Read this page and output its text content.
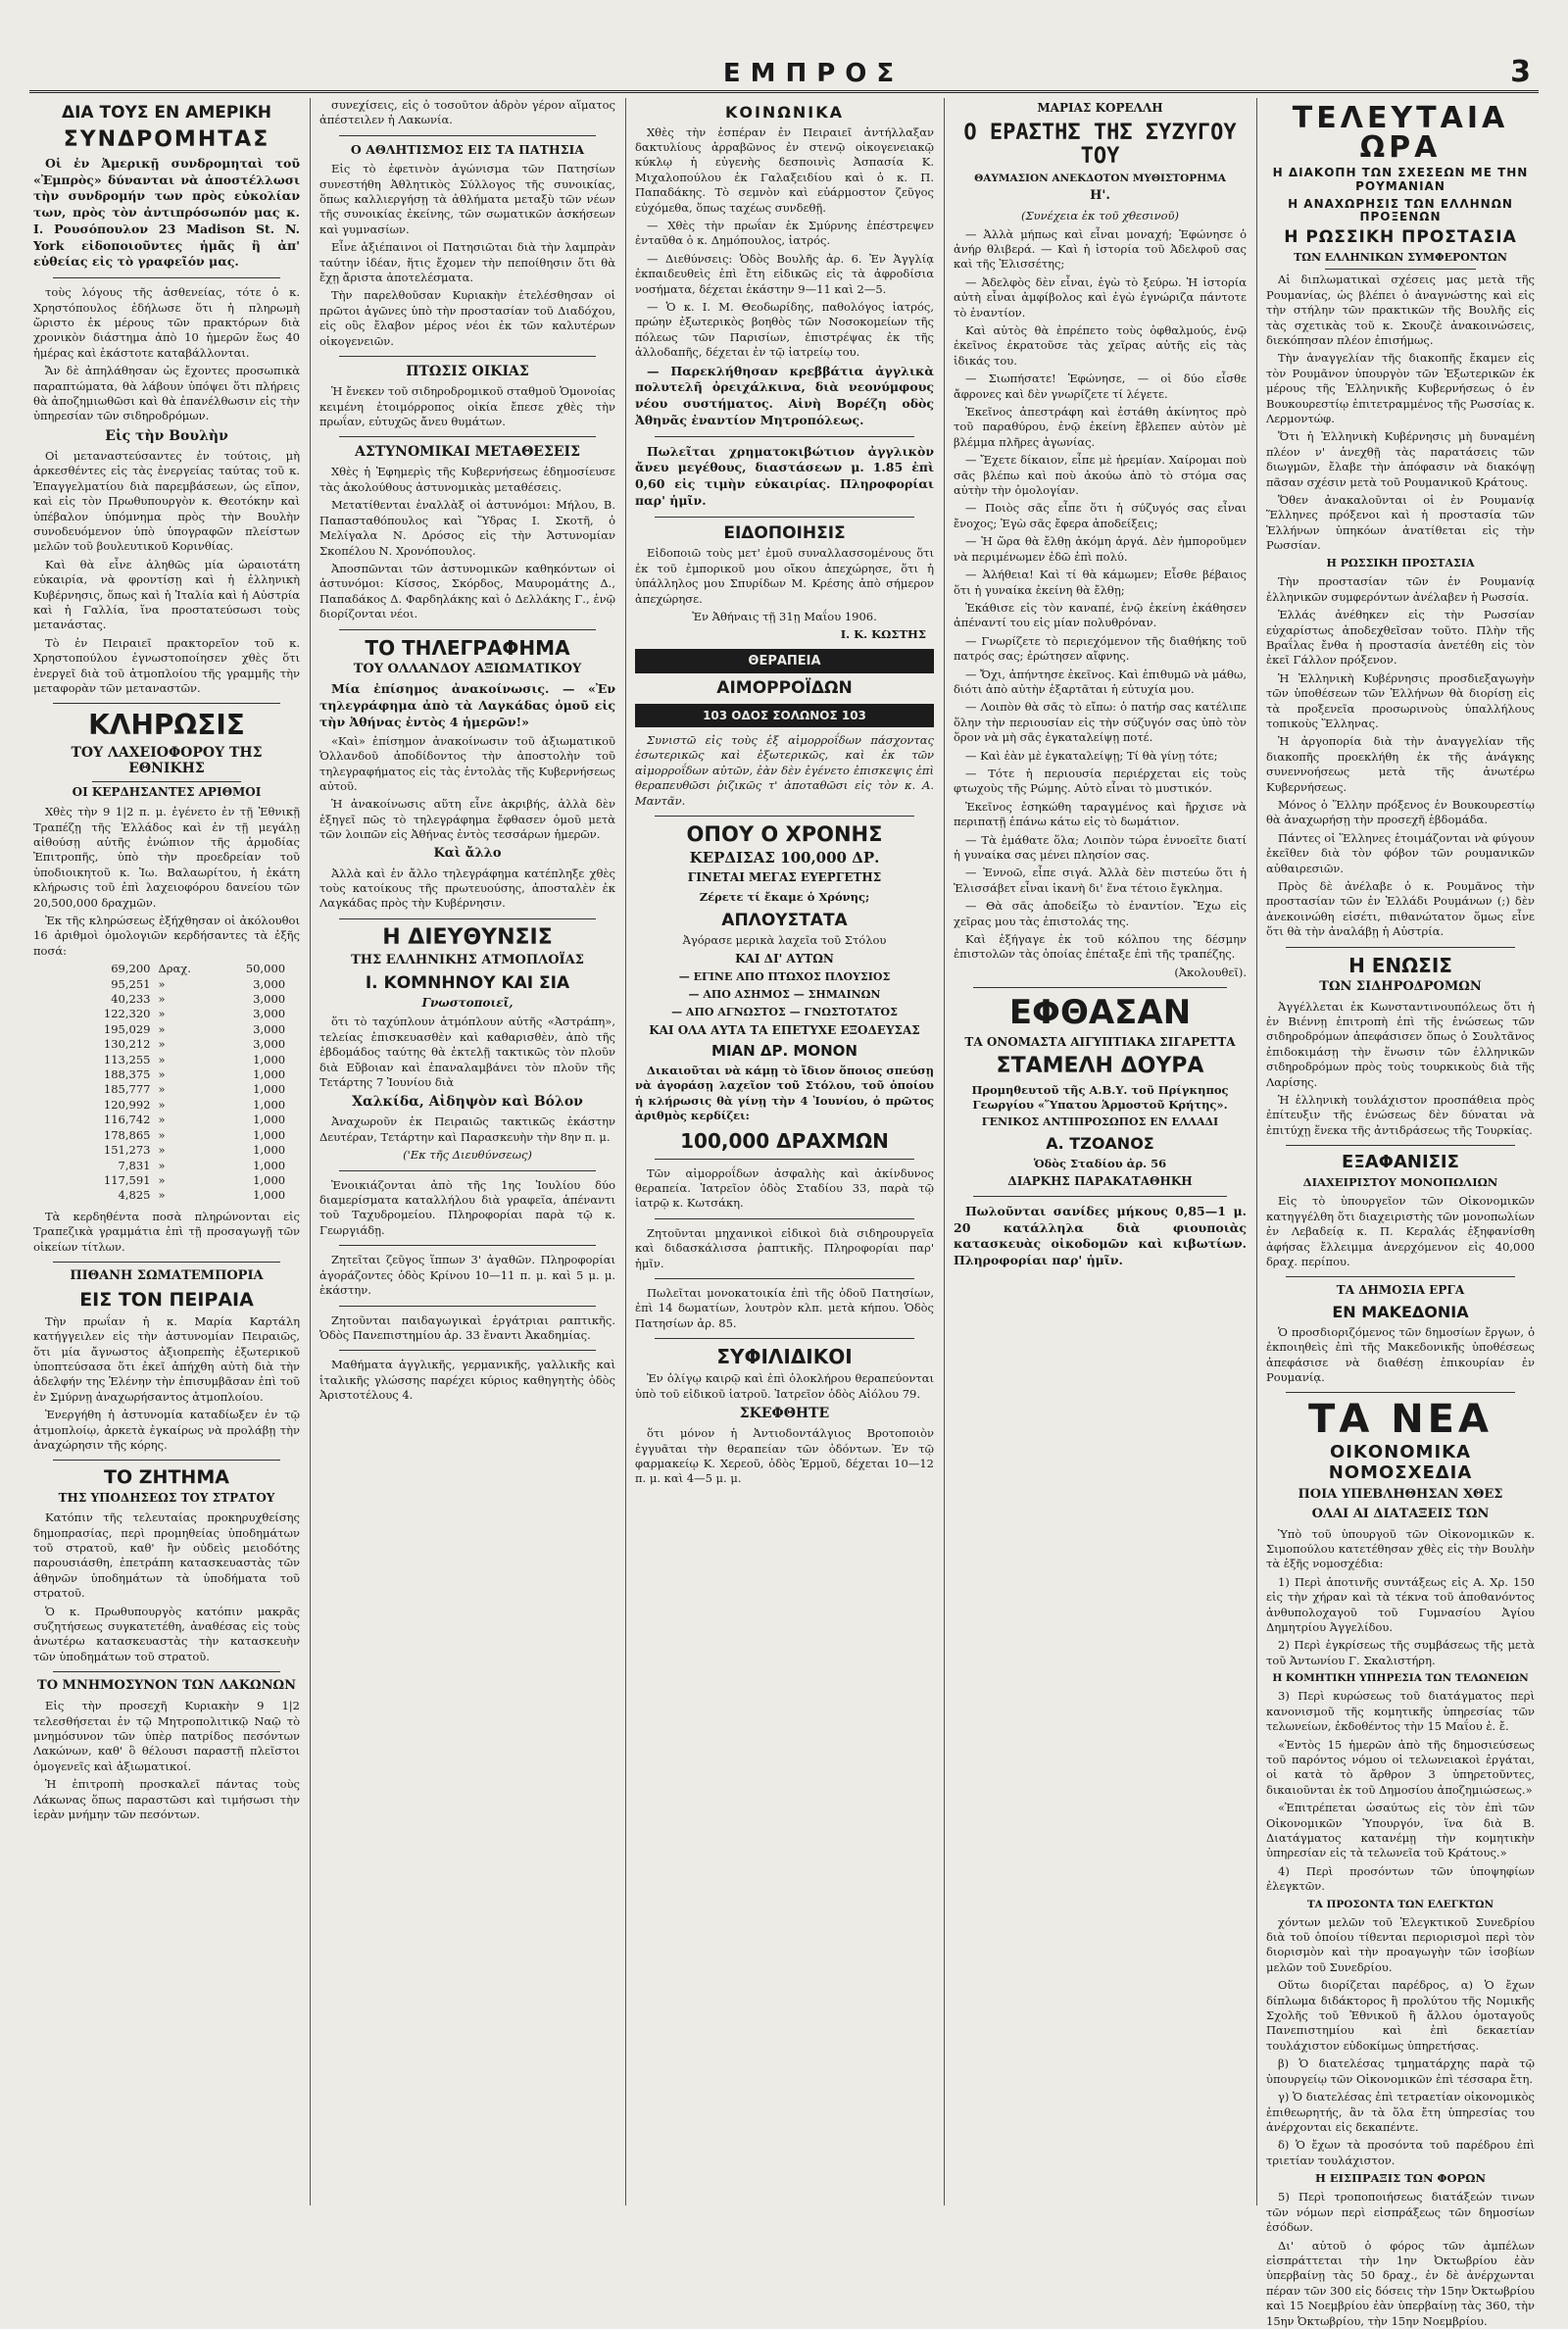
ΕΜΠΡΟΣ	3
ΔΙΑ ΤΟΥΣ ΕΝ ΑΜΕΡΙΚΗ
ΣΥΝΔΡΟΜΗΤΑΣ

Οἱ ἐν Ἀμερικῇ συνδρομηταὶ τοῦ «Ἐμπρὸς» δύνανται νὰ ἀποστέλλωσι τὴν συνδρομήν των πρὸς εὐκολίαν των, πρὸς τὸν ἀντιπρόσωπόν μας κ. Ι. Ρουσόπουλον 23 Madison St. N. York εἰδοποιοῦντες ἡμᾶς ἢ ἀπ' εὐθείας εἰς τὸ γραφεῖόν μας.

τοὺς λόγους τῆς ἀσθενείας, τότε ὁ κ. Χρηστόπουλος ἐδήλωσε ὅτι ἡ πληρωμὴ ὥριστο ἐκ μέρους τῶν πρακτόρων διὰ χρονικὸν διάστημα ἀπὸ 10 ἡμερῶν ἕως 40 ἡμέρας καὶ ἑκάστοτε καταβάλλονται.

Ἄν δὲ ἀπηλάθησαν ὡς ἔχοντες προσωπικὰ παραπτώματα, θὰ λάβουν ὑπόψει ὅτι πλήρεις θὰ ἀποζημιωθῶσι καὶ θὰ ἐπανέλθωσιν εἰς τὴν ὑπηρεσίαν τῶν σιδηροδρόμων.

Εἰς τὴν Βουλὴν

Οἱ μεταναστεύσαντες ἐν τούτοις, μὴ ἀρκεσθέντες εἰς τὰς ἐνεργείας ταύτας τοῦ κ. Ἐπαγγελματίου διὰ παρεμβάσεων, ὡς εἴπον, καὶ εἰς τὸν Πρωθυπουργὸν κ. Θεοτόκην καὶ ὑπέβαλον ὑπόμνημα πρὸς τὴν Βουλὴν συνοδευόμενον ὑπὸ ὑπογραφῶν πλείστων μελῶν τοῦ βουλευτικοῦ Κορινθίας.

Καὶ θὰ εἶνε ἀληθῶς μία ὡραιοτάτη εὐκαιρία, νὰ φροντίσῃ καὶ ἡ ἐλληνικὴ Κυβέρνησις, ὅπως καὶ ἡ Ἰταλία καὶ ἡ Αὐστρία καὶ ἡ Γαλλία, ἵνα προστατεύσωσι τοὺς μετανάστας.

Τὸ ἐν Πειραιεῖ πρακτορεῖον τοῦ κ. Χρηστοπούλου ἐγνωστοποίησεν χθὲς ὅτι ἐνεργεῖ διὰ τοῦ ἀτμοπλοίου τῆς γραμμῆς τὴν μεταφορὰν τῶν μεταναστῶν.

ΚΛΗΡΩΣΙΣ
ΤΟΥ ΛΑΧΕΙΟΦΟΡΟΥ ΤΗΣ ΕΘΝΙΚΗΣ
ΟΙ ΚΕΡΔΗΣΑΝΤΕΣ ΑΡΙΘΜΟΙ

Χθὲς τὴν 9 1|2 π. μ. ἐγένετο ἐν τῇ Ἐθνικῇ Τραπέζῃ τῆς Ἑλλάδος καὶ ἐν τῇ μεγάλῃ αἰθούσῃ αὐτῆς ἐνώπιον τῆς ἁρμοδίας Ἐπιτροπῆς, ὑπὸ τὴν προεδρείαν τοῦ ὑποδιοικητοῦ κ. Ἰω. Βαλαωρίτου, ἡ ἑκάτη κλήρωσις τοῦ ἐπὶ λαχειοφόρου δανείου τῶν 20,500,000 δραχμῶν.

Ἐκ τῆς κληρώσεως ἐξήχθησαν οἱ ἀκόλουθοι 16 ἀριθμοὶ ὁμολογιῶν κερδήσαντες τὰ ἐξῆς ποσά:

69,200	Δραχ.	50,000
95,251	»	3,000
40,233	»	3,000
122,320	»	3,000
195,029	»	3,000
130,212	»	3,000
113,255	»	1,000
188,375	»	1,000
185,777	»	1,000
120,992	»	1,000
116,742	»	1,000
178,865	»	1,000
151,273	»	1,000
7,831	»	1,000
117,591	»	1,000
4,825	»	1,000

Τὰ κερδηθέντα ποσὰ πληρώνονται εἰς Τραπεζικὰ γραμμάτια ἐπὶ τῇ προσαγωγῇ τῶν οἰκείων τίτλων.

ΠΙΘΑΝΗ ΣΩΜΑΤΕΜΠΟΡΙΑ
ΕΙΣ ΤΟΝ ΠΕΙΡΑΙΑ

Τὴν πρωΐαν ἡ κ. Μαρία Καρτάλη κατήγγειλεν εἰς τὴν ἀστυνομίαν Πειραιῶς, ὅτι μία ἄγνωστος ἀξιοπρεπὴς ἐξωτερικοῦ ὑποπτεύσασα ὅτι ἐκεῖ ἀπήχθη αὐτὴ διὰ τὴν ἀδελφήν της Ἑλένην τὴν ἐπισυμβᾶσαν ἐπὶ τοῦ ἐν Σμύρνῃ ἀναχωρήσαντος ἀτμοπλοίου.

Ἐνεργήθη ἡ ἀστυνομία καταδίωξεν ἐν τῷ ἀτμοπλοίῳ, ἀρκετὰ ἐγκαίρως νὰ προλάβῃ τὴν ἀναχώρησιν τῆς κόρης.

ΤΟ ΖΗΤΗΜΑ
ΤΗΣ ΥΠΟΔΗΣΕΩΣ ΤΟΥ ΣΤΡΑΤΟΥ

Κατόπιν τῆς τελευταίας προκηρυχθείσης δημοπρασίας, περὶ προμηθείας ὑποδημάτων τοῦ στρατοῦ, καθ' ἣν οὐδεὶς μειοδότης παρουσιάσθη, ἐπετράπη κατασκευαστὰς τῶν ἀθηνῶν ὑποδημάτων τὰ ὑποδήματα τοῦ στρατοῦ.

Ὁ κ. Πρωθυπουργὸς κατόπιν μακρᾶς συζητήσεως συγκατετέθη, ἀναθέσας εἰς τοὺς ἀνωτέρω κατασκευαστὰς τὴν κατασκευὴν τῶν ὑποδημάτων τοῦ στρατοῦ.

ΤΟ ΜΝΗΜΟΣΥΝΟΝ ΤΩΝ ΛΑΚΩΝΩΝ

Εἰς τὴν προσεχῆ Κυριακὴν 9 1|2 τελεσθήσεται ἐν τῷ Μητροπολιτικῷ Ναῷ τὸ μνημόσυνον τῶν ὑπὲρ πατρίδος πεσόντων Λακώνων, καθ' ὃ θέλουσι παραστῇ πλεῖστοι ὁμογενεῖς καὶ ἀξιωματικοί.

Ἡ ἐπιτροπὴ προσκαλεῖ πάντας τοὺς Λάκωνας ὅπως παραστῶσι καὶ τιμήσωσι τὴν ἱερὰν μνήμην τῶν πεσόντων.

συνεχίσεις, εἰς ὁ τοσοῦτον ἁδρὸν γέρον αἵματος ἀπέστειλεν ἡ Λακωνία.

Ο ΑΘΛΗΤΙΣΜΟΣ ΕΙΣ ΤΑ ΠΑΤΗΣΙΑ

Εἰς τὸ ἐφετινὸν ἀγώνισμα τῶν Πατησίων συνεστήθη Ἀθλητικὸς Σύλλογος τῆς συνοικίας, ὅπως καλλιεργήσῃ τὰ ἀθλήματα μεταξὺ τῶν νέων τῆς συνοικίας ἐκείνης, τῶν σωματικῶν ἀσκήσεων καὶ γυμνασίων.

Εἶνε ἀξιέπαινοι οἱ Πατησιῶται διὰ τὴν λαμπρὰν ταύτην ἰδέαν, ἥτις ἔχομεν τὴν πεποίθησιν ὅτι θὰ ἔχῃ ἄριστα ἀποτελέσματα.

Τὴν παρελθοῦσαν Κυριακὴν ἐτελέσθησαν οἱ πρῶτοι ἀγῶνες ὑπὸ τὴν προστασίαν τοῦ Διαδόχου, εἰς οὓς ἔλαβον μέρος νέοι ἐκ τῶν καλυτέρων οἰκογενειῶν.

ΠΤΩΣΙΣ ΟΙΚΙΑΣ

Ἡ ἔνεκεν τοῦ σιδηροδρομικοῦ σταθμοῦ Ὁμονοίας κειμένη ἑτοιμόρροπος οἰκία ἔπεσε χθὲς τὴν πρωΐαν, εὐτυχῶς ἄνευ θυμάτων.

ΑΣΤΥΝΟΜΙΚΑΙ ΜΕΤΑΘΕΣΕΙΣ

Χθὲς ἡ Ἐφημερὶς τῆς Κυβερνήσεως ἐδημοσίευσε τὰς ἀκολούθους ἀστυνομικὰς μεταθέσεις.

Μετατίθενται ἐναλλὰξ οἱ ἀστυνόμοι: Μήλου, Β. Παπασταθόπουλος καὶ Ὕδρας Ι. Σκοτῆ, ὁ Μελίγαλα Ν. Δρόσος εἰς τὴν Ἀστυνομίαν Σκοπέλου Ν. Χρονόπουλος.

Ἀποσπῶνται τῶν ἀστυνομικῶν καθηκόντων οἱ ἀστυνόμοι: Κίσσος, Σκόρδος, Μαυρομάτης Δ., Παπαδάκος Δ. Φαρδηλάκης καὶ ὁ Δελλάκης Γ., ἐνῷ διορίζονται νέοι.

ΤΟ ΤΗΛΕΓΡΑΦΗΜΑ
ΤΟΥ ΟΛΛΑΝΔΟΥ ΑΞΙΩΜΑΤΙΚΟΥ

Μία ἐπίσημος ἀνακοίνωσις. — «Ἐν τηλεγράφημα ἀπὸ τὰ Λαγκάδας ὁμοῦ εἰς τὴν Ἀθήνας ἐντὸς 4 ἡμερῶν!»

«Καὶ» ἐπίσημον ἀνακοίνωσιν τοῦ ἀξιωματικοῦ Ὁλλανδοῦ ἀποδίδοντος τὴν ἀποστολὴν τοῦ τηλεγραφήματος εἰς τὰς ἐντολὰς τῆς Κυβερνήσεως αὐτοῦ.

Ἡ ἀνακοίνωσις αὕτη εἶνε ἀκριβής, ἀλλὰ δὲν ἐξηγεῖ πῶς τὸ τηλεγράφημα ἔφθασεν ὁμοῦ μετὰ τῶν λοιπῶν εἰς Ἀθήνας ἐντὸς τεσσάρων ἡμερῶν.

Καὶ ἄλλο

Ἀλλὰ καὶ ἐν ἄλλο τηλεγράφημα κατέπληξε χθὲς τοὺς κατοίκους τῆς πρωτευούσης, ἀποσταλὲν ἐκ Λαγκάδας πρὸς τὴν Κυβέρνησιν.

Η ΔΙΕΥΘΥΝΣΙΣ
ΤΗΣ ΕΛΛΗΝΙΚΗΣ ΑΤΜΟΠΛΟΪΑΣ
Ι. ΚΟΜΝΗΝΟΥ ΚΑΙ ΣΙΑ
Γνωστοποιεῖ,

ὅτι τὸ ταχύπλουν ἀτμόπλουν αὐτῆς «Ἀστράπη», τελείας ἐπισκευασθὲν καὶ καθαρισθὲν, ἀπὸ τῆς ἑβδομάδος ταύτης θὰ ἐκτελῇ τακτικῶς τὸν πλοῦν διὰ Εὔβοιαν καὶ ἐπαναλαμβάνει τὸν πλοῦν τῆς Τετάρτης 7 Ἰουνίου διὰ

Χαλκίδα, Αἰδηψὸν καὶ Βόλον

Ἀναχωροῦν ἐκ Πειραιῶς τακτικῶς ἑκάστην Δευτέραν, Τετάρτην καὶ Παρασκευὴν τὴν 8ην π. μ.

('Εκ τῆς Διευθύνσεως)

Ἐνοικιάζονται ἀπὸ τῆς 1ης Ἰουλίου δύο διαμερίσματα καταλλήλου διὰ γραφεῖα, ἀπέναντι τοῦ Ταχυδρομείου. Πληροφορίαι παρὰ τῷ κ. Γεωργιάδῃ.

Ζητεῖται ζεῦγος ἵππων 3' ἀγαθῶν. Πληροφορίαι ἀγοράζοντες ὁδὸς Κρίνου 10—11 π. μ. καὶ 5 μ. μ. ἑκάστην.

Ζητοῦνται παιδαγωγικαὶ ἐργάτριαι ραπτικῆς. Ὁδὸς Πανεπιστημίου ἀρ. 33 ἔναντι Ἀκαδημίας.

Μαθήματα ἀγγλικῆς, γερμανικῆς, γαλλικῆς καὶ ἰταλικῆς γλώσσης παρέχει κύριος καθηγητὴς ὁδὸς Ἀριστοτέλους 4.

ΚΟΙΝΩΝΙΚΑ

Χθὲς τὴν ἑσπέραν ἐν Πειραιεῖ ἀντήλλαξαν δακτυλίους ἀρραβῶνος ἐν στενῷ οἰκογενειακῷ κύκλῳ ἡ εὐγενὴς δεσποινὶς Ἀσπασία Κ. Μιχαλοπούλου ἐκ Γαλαξειδίου καὶ ὁ κ. Π. Παπαδάκης. Τὸ σεμνὸν καὶ εὐάρμοστον ζεῦγος εὐχόμεθα, ὅπως ταχέως συνδεθῇ.

— Χθὲς τὴν πρωΐαν ἐκ Σμύρνης ἐπέστρεψεν ἐνταῦθα ὁ κ. Δημόπουλος, ἰατρός.

— Διεθύνσεις: Ὁδὸς Βουλῆς ἀρ. 6. Ἐν Ἀγγλίᾳ ἐκπαιδευθεὶς ἐπὶ ἔτη εἰδικῶς εἰς τὰ ἀφροδίσια νοσήματα, δέχεται ἑκάστην 9—11 καὶ 2—5.

— Ὁ κ. Ι. Μ. Θεοδωρίδης, παθολόγος ἰατρός, πρώην ἐξωτερικὸς βοηθὸς τῶν Νοσοκομείων τῆς πόλεως τῶν Παρισίων, ἐπιστρέψας ἐκ τῆς ἀλλοδαπῆς, δέχεται ἐν τῷ ἰατρείῳ του.

— Παρεκλήθησαν κρεββάτια ἀγγλικὰ πολυτελῆ ὀρειχάλκινα, διὰ νεονύμφους νέου συστήματος. Αἰνὴ Βορέζη οδὸς Ἀθηνᾶς ἐναντίον Μητροπόλεως.

Πωλεῖται χρηματοκιβώτιον ἀγγλικὸν ἄνευ μεγέθους, διαστάσεων μ. 1.85 ἐπὶ 0,60 εἰς τιμὴν εὐκαιρίας. Πληροφορίαι παρ' ἡμῖν.

ΕΙΔΟΠΟΙΗΣΙΣ

Εἰδοποιῶ τοὺς μετ' ἐμοῦ συναλλασσομένους ὅτι ἐκ τοῦ ἐμπορικοῦ μου οἴκου ἀπεχώρησε, ὅτι ἡ ὑπάλληλος μου Σπυρίδων Μ. Κρέσης ἀπὸ σήμερον ἀπεχώρησε.

Ἐν Ἀθήναις τῇ 31ῃ Μαΐου 1906.

Ι. Κ. ΚΩΣΤΗΣ
ΘΕΡΑΠΕΙΑ
ΑΙΜΟΡΡΟΪΔΩΝ
103 ΟΔΟΣ ΣΟΛΩΝΟΣ 103

Συνιστῶ εἰς τοὺς ἐξ αἱμορροΐδων πάσχοντας ἐσωτερικῶς καὶ ἐξωτερικῶς, καὶ ἐκ τῶν αἱμορροΐδων αὐτῶν, ἐὰν δὲν ἐγένετο ἐπισκεψις ἐπὶ θεραπευθῶσι ῥιζικῶς τ' ἀποταθῶσι εἰς τὸν κ. Α. Μαντᾶν.

ΟΠΟΥ Ο ΧΡΟΝΗΣ
ΚΕΡΔΙΣΑΣ 100,000 ΔΡ.
ΓΙΝΕΤΑΙ ΜΕΓΑΣ ΕΥΕΡΓΕΤΗΣ

Ζέρετε τί ἔκαμε ὁ Χρόνης;

ΑΠΛΟΥΣΤΑΤΑ

Ἀγόρασε μερικὰ λαχεῖα τοῦ Στόλου

ΚΑΙ ΔΙ' ΑΥΤΩΝ

— ΕΓΙΝΕ ΑΠΟ ΠΤΩΧΟΣ ΠΛΟΥΣΙΟΣ

— ΑΠΟ ΑΣΗΜΟΣ — ΣΗΜΑΙΝΩΝ

— ΑΠΟ ΑΓΝΩΣΤΟΣ — ΓΝΩΣΤΟΤΑΤΟΣ

ΚΑΙ ΟΛΑ ΑΥΤΑ ΤΑ ΕΠΕΤΥΧΕ ΕΞΟΔΕΥΣΑΣ
ΜΙΑΝ ΔΡ. ΜΟΝΟΝ

Δικαιοῦται νὰ κάμῃ τὸ ἴδιον ὅποιος σπεύσῃ νὰ ἀγοράσῃ λαχεῖον τοῦ Στόλου, τοῦ ὁποίου ἡ κλήρωσις θὰ γίνῃ τὴν 4 Ἰουνίου, ὁ πρῶτος ἀριθμὸς κερδίζει:

100,000 ΔΡΑΧΜΩΝ

Τῶν αἱμορροΐδων ἀσφαλὴς καὶ ἀκίνδυνος θεραπεία. Ἰατρεῖον ὁδὸς Σταδίου 33, παρὰ τῷ ἰατρῷ κ. Κωτσάκη.

Ζητοῦνται μηχανικοὶ εἰδικοὶ διὰ σιδηρουργεῖα καὶ διδασκάλισσα ῥαπτικῆς. Πληροφορίαι παρ' ἡμῖν.

Πωλεῖται μονοκατοικία ἐπὶ τῆς ὁδοῦ Πατησίων, ἐπὶ 14 δωματίων, λουτρὸν κλπ. μετὰ κήπου. Ὁδὸς Πατησίων ἀρ. 85.

ΣΥΦΙΛΙΔΙΚΟΙ

Ἐν ὀλίγῳ καιρῷ καὶ ἐπὶ ὁλοκλήρου θεραπεύονται ὑπὸ τοῦ εἰδικοῦ ἰατροῦ. Ἰατρεῖον ὁδὸς Αἰόλου 79.

ΣΚΕΦΘΗΤΕ

ὅτι μόνον ἡ Ἀντιοδοντάλγιος Βροτοποιὸν ἐγγυᾶται τὴν θεραπείαν τῶν ὀδόντων. Ἐν τῷ φαρμακείῳ Κ. Χερεοῦ, ὁδὸς Ἑρμοῦ, δέχεται 10—12 π. μ. καὶ 4—5 μ. μ.

ΜΑΡΙΑΣ ΚΟΡΕΛΛΗ
Ο ΕΡΑΣΤΗΣ ΤΗΣ ΣΥΖΥΓΟΥ ΤΟΥ
ΘΑΥΜΑΣΙΟΝ ΑΝΕΚΔΟΤΟΝ ΜΥΘΙΣΤΟΡΗΜΑ
Η'.

(Συνέχεια ἐκ τοῦ χθεσινοῦ)

— Ἀλλὰ μήπως καὶ εἶναι μοναχή; Ἐφώνησε ὁ ἀνήρ θλιβερά. — Καὶ ἡ ἱστορία τοῦ Ἀδελφοῦ σας καὶ τῆς Ἐλισσέτης;

— Ἀδελφὸς δὲν εἶναι, ἐγὼ τὸ ξεύρω. Ἡ ἱστορία αὐτὴ εἶναι ἀμφίβολος καὶ ἐγὼ ἐγνώριζα πάντοτε τὸ ἐναντίον.

Καὶ αὐτὸς θὰ ἐπρέπετο τοὺς ὀφθαλμούς, ἐνῷ ἐκεῖνος ἐκρατοῦσε τὰς χεῖρας αὐτῆς εἰς τὰς ἰδικάς του.

— Σιωπήσατε! Ἐφώνησε, — οἱ δύο εἶσθε ἄφρονες καὶ δὲν γνωρίζετε τί λέγετε.

Ἐκεῖνος ἀπεστράφη καὶ ἐστάθη ἀκίνητος πρὸ τοῦ παραθύρου, ἐνῷ ἐκείνη ἔβλεπεν αὐτὸν μὲ βλέμμα πλῆρες ἀγωνίας.

— Ἔχετε δίκαιον, εἶπε μὲ ἠρεμίαν. Χαίρομαι ποὺ σᾶς βλέπω καὶ ποὺ ἀκούω ἀπὸ τὸ στόμα σας αὐτὴν τὴν ὁμολογίαν.

— Ποιὸς σᾶς εἶπε ὅτι ἡ σύζυγός σας εἶναι ἔνοχος; Ἐγὼ σᾶς ἔφερα ἀποδείξεις;

— Ἡ ὥρα θὰ ἔλθῃ ἀκόμη ἀργά. Δὲν ἠμποροῦμεν νὰ περιμένωμεν ἐδῶ ἐπὶ πολύ.

— Ἀλήθεια! Καὶ τί θὰ κάμωμεν; Εἶσθε βέβαιος ὅτι ἡ γυναίκα ἐκείνη θὰ ἔλθῃ;

Ἐκάθισε εἰς τὸν καναπέ, ἐνῷ ἐκείνη ἐκάθησεν ἀπέναντί του εἰς μίαν πολυθρόναν.

— Γνωρίζετε τὸ περιεχόμενον τῆς διαθήκης τοῦ πατρός σας; ἐρώτησεν αἴφνης.

— Ὄχι, ἀπήντησε ἐκεῖνος. Καὶ ἐπιθυμῶ νὰ μάθω, διότι ἀπὸ αὐτὴν ἐξαρτᾶται ἡ εὐτυχία μου.

— Λοιπὸν θὰ σᾶς τὸ εἴπω: ὁ πατήρ σας κατέλιπε ὅλην τὴν περιουσίαν εἰς τὴν σύζυγόν σας ὑπὸ τὸν ὅρον νὰ μὴ σᾶς ἐγκαταλείψῃ ποτέ.

— Καὶ ἐὰν μὲ ἐγκαταλείψῃ; Τί θὰ γίνῃ τότε;

— Τότε ἡ περιουσία περιέρχεται εἰς τοὺς φτωχοὺς τῆς Ρώμης. Αὐτὸ εἶναι τὸ μυστικόν.

Ἐκεῖνος ἐσηκώθη ταραγμένος καὶ ἤρχισε νὰ περιπατῇ ἐπάνω κάτω εἰς τὸ δωμάτιον.

— Τὰ ἐμάθατε ὅλα; Λοιπὸν τώρα ἐννοεῖτε διατί ἡ γυναίκα σας μένει πλησίον σας.

— Ἐννοῶ, εἶπε σιγά. Ἀλλὰ δὲν πιστεύω ὅτι ἡ Ἑλισσάβετ εἶναι ἱκανὴ δι' ἕνα τέτοιο ἔγκλημα.

— Θὰ σᾶς ἀποδείξω τὸ ἐναντίον. Ἔχω εἰς χεῖρας μου τὰς ἐπιστολάς της.

Καὶ ἐξήγαγε ἐκ τοῦ κόλπου της δέσμην ἐπιστολῶν τὰς ὁποίας ἐπέταξε ἐπὶ τῆς τραπέζης.

(Ἀκολουθεῖ).

ΕΦΘΑΣΑΝ
ΤΑ ΟΝΟΜΑΣΤΑ ΑΙΓΥΠΤΙΑΚΑ ΣΙΓΑΡΕΤΤΑ
ΣΤΑΜΕΛΗ ΔΟΥΡΑ

Προμηθευτοῦ τῆς Α.Β.Υ. τοῦ Πρίγκηπος Γεωργίου «Ὕπατου Ἁρμοστοῦ Κρήτης».

ΓΕΝΙΚΟΣ ΑΝΤΙΠΡΟΣΩΠΟΣ ΕΝ ΕΛΛΑΔΙ
Α. ΤΖΟΑΝΟΣ

Ὁδὸς Σταδίου ἀρ. 56

ΔΙΑΡΚΗΣ ΠΑΡΑΚΑΤΑΘΗΚΗ

Πωλοῦνται σανίδες μήκους 0,85—1 μ. 20 κατάλληλα διὰ φιουποιὰς κατασκευὰς οἰκοδομῶν καὶ κιβωτίων. Πληροφορίαι παρ' ἡμῖν.

ΤΕΛΕΥΤΑΙΑ ΩΡΑ
Η ΔΙΑΚΟΠΗ ΤΩΝ ΣΧΕΣΕΩΝ ΜΕ ΤΗΝ ΡΟΥΜΑΝΙΑΝ
Η ΑΝΑΧΩΡΗΣΙΣ ΤΩΝ ΕΛΛΗΝΩΝ ΠΡΟΞΕΝΩΝ
Η ΡΩΣΣΙΚΗ ΠΡΟΣΤΑΣΙΑ
ΤΩΝ ΕΛΛΗΝΙΚΩΝ ΣΥΜΦΕΡΟΝΤΩΝ

Αἱ διπλωματικαὶ σχέσεις μας μετὰ τῆς Ρουμανίας, ὡς βλέπει ὁ ἀναγνώστης καὶ εἰς τὴν στήλην τῶν πρακτικῶν τῆς Βουλῆς εἰς τὰς σχετικὰς τοῦ κ. Σκουζὲ ἀνακοινώσεις, διεκόπησαν πλέον ἐπισήμως.

Τὴν ἀναγγελίαν τῆς διακοπῆς ἔκαμεν εἰς τὸν Ρουμᾶνον ὑπουργὸν τῶν Ἐξωτερικῶν ἐκ μέρους τῆς Ἑλληνικῆς Κυβερνήσεως ὁ ἐν Βουκουρεστίῳ ἐπιτετραμμένος τῆς Ρωσσίας κ. Λερμοντώφ.

Ὅτι ἡ Ἑλληνικὴ Κυβέρνησις μὴ δυναμένη πλέον ν' ἀνεχθῇ τὰς παρατάσεις τῶν διωγμῶν, ἔλαβε τὴν ἀπόφασιν νὰ διακόψῃ πᾶσαν σχέσιν μετὰ τοῦ Ρουμανικοῦ Κράτους.

Ὅθεν ἀνακαλοῦνται οἱ ἐν Ρουμανίᾳ Ἕλληνες πρόξενοι καὶ ἡ προστασία τῶν Ἑλλήνων ὑπηκόων ἀνατίθεται εἰς τὴν Ρωσσίαν.

Η ΡΩΣΣΙΚΗ ΠΡΟΣΤΑΣΙΑ

Τὴν προστασίαν τῶν ἐν Ρουμανίᾳ ἑλληνικῶν συμφερόντων ἀνέλαβεν ἡ Ρωσσία.

Ἑλλάς ἀνέθηκεν εἰς τὴν Ρωσσίαν εὐχαρίστως ἀποδεχθεῖσαν τοῦτο. Πλὴν τῆς Βραΐλας ἔνθα ἡ προστασία ἀνετέθη εἰς τὸν ἐκεῖ Γάλλον πρόξενον.

Ἡ Ἑλληνικὴ Κυβέρνησις προσδιεξαγωγὴν τῶν ὑποθέσεων τῶν Ἑλλήνων θὰ διορίσῃ εἰς τὰ προξενεῖα προσωρινοὺς ὑπαλλήλους τοπικοὺς Ἕλληνας.

Ἡ ἀργοπορία διὰ τὴν ἀναγγελίαν τῆς διακοπῆς προεκλήθη ἐκ τῆς ἀνάγκης συνεννοήσεως μετὰ τῆς ἀνωτέρω Κυβερνήσεως.

Μόνος ὁ Ἕλλην πρόξενος ἐν Βουκουρεστίῳ θὰ ἀναχωρήσῃ τὴν προσεχῆ ἑβδομάδα.

Πάντες οἱ Ἕλληνες ἑτοιμάζονται νὰ φύγουν ἐκεῖθεν διὰ τὸν φόβον τῶν ρουμανικῶν αὐθαιρεσιῶν.

Πρὸς δὲ ἀνέλαβε ὁ κ. Ρουμᾶνος τὴν προστασίαν τῶν ἐν Ἑλλάδι Ρουμάνων (;) δὲν ἀνεκοινώθη εἰσέτι, πιθανώτατον ὅμως εἶνε ὅτι θὰ τὴν ἀναλάβῃ ἡ Αὐστρία.

Η ΕΝΩΣΙΣ
ΤΩΝ ΣΙΔΗΡΟΔΡΟΜΩΝ

Ἀγγέλλεται ἐκ Κωνσταντινουπόλεως ὅτι ἡ ἐν Βιέννῃ ἐπιτροπὴ ἐπὶ τῆς ἑνώσεως τῶν σιδηροδρόμων ἀπεφάσισεν ὅπως ὁ Σουλτᾶνος ἐπιδοκιμάσῃ τὴν ἕνωσιν τῶν ἑλληνικῶν σιδηροδρόμων πρὸς τοὺς τουρκικοὺς διὰ τῆς Λαρίσης.

Ἡ ἑλληνικὴ τουλάχιστον προσπάθεια πρὸς ἐπίτευξιν τῆς ἑνώσεως δὲν δύναται νὰ ἐπιτύχῃ ἕνεκα τῆς ἀντιδράσεως τῆς Τουρκίας.

ΕΞΑΦΑΝΙΣΙΣ
ΔΙΑΧΕΙΡΙΣΤΟΥ ΜΟΝΟΠΩΛΙΩΝ

Εἰς τὸ ὑπουργεῖον τῶν Οἰκονομικῶν κατηγγέλθη ὅτι διαχειριστὴς τῶν μονοπωλίων ἐν Λεβαδείᾳ κ. Π. Κεραλάς ἐξηφανίσθη ἀφήσας ἔλλειμμα ἀνερχόμενον εἰς 40,000 δραχ. περίπου.

ΤΑ ΔΗΜΟΣΙΑ ΕΡΓΑ
ΕΝ ΜΑΚΕΔΟΝΙΑ

Ὁ προσδιοριζόμενος τῶν δημοσίων ἔργων, ὁ ἐκποιηθεὶς ἐπὶ τῆς Μακεδονικῆς ὑποθέσεως ἀπεφάσισε νὰ διαθέσῃ ἐπικουρίαν ἐν Ρουμανίᾳ.

ΤΑ ΝΕΑ
ΟΙΚΟΝΟΜΙΚΑ ΝΟΜΟΣΧΕΔΙΑ
ΠΟΙΑ ΥΠΕΒΛΗΘΗΣΑΝ ΧΘΕΣ
ΟΛΑΙ ΑΙ ΔΙΑΤΑΞΕΙΣ ΤΩΝ

Ὑπὸ τοῦ ὑπουργοῦ τῶν Οἰκονομικῶν κ. Σιμοπούλου κατετέθησαν χθὲς εἰς τὴν Βουλὴν τὰ ἑξῆς νομοσχέδια:

1) Περὶ ἀποτινῆς συντάξεως εἰς Α. Χρ. 150 εἰς τὴν χήραν καὶ τὰ τέκνα τοῦ ἀποθανόντος ἀνθυπολοχαγοῦ τοῦ Γυμνασίου Ἀγίου Δημητρίου Ἀγγελίδου.

2) Περὶ ἐγκρίσεως τῆς συμβάσεως τῆς μετὰ τοῦ Ἀντωνίου Γ. Σκαλιστήρη.

Η ΚΟΜΗΤΙΚΗ ΥΠΗΡΕΣΙΑ ΤΩΝ ΤΕΛΩΝΕΙΩΝ

3) Περὶ κυρώσεως τοῦ διατάγματος περὶ κανονισμοῦ τῆς κομητικῆς ὑπηρεσίας τῶν τελωνείων, ἐκδοθέντος τὴν 15 Μαΐου ἐ. ἔ.

«Ἐντὸς 15 ἡμερῶν ἀπὸ τῆς δημοσιεύσεως τοῦ παρόντος νόμου οἱ τελωνειακοὶ ἐργάται, οἱ κατὰ τὸ ἄρθρον 3 ὑπηρετοῦντες, δικαιοῦνται ἐκ τοῦ Δημοσίου ἀποζημιώσεως.»

«Ἐπιτρέπεται ὡσαύτως εἰς τὸν ἐπὶ τῶν Οἰκονομικῶν Ὑπουργόν, ἵνα διὰ Β. Διατάγματος κατανέμῃ τὴν κομητικὴν ὑπηρεσίαν εἰς τὰ τελωνεῖα τοῦ Κράτους.»

4) Περὶ προσόντων τῶν ὑποψηφίων ἐλεγκτῶν.

ΤΑ ΠΡΟΣΟΝΤΑ ΤΩΝ ΕΛΕΓΚΤΩΝ

χόντων μελῶν τοῦ Ἐλεγκτικοῦ Συνεδρίου διὰ τοῦ ὁποίου τίθενται περιορισμοὶ περὶ τὸν διορισμὸν καὶ τὴν προαγωγὴν τῶν ἰσοβίων μελῶν τοῦ Συνεδρίου.

Οὕτω διορίζεται παρέδρος, α) Ὁ ἔχων δίπλωμα διδάκτορος ἢ προλύτου τῆς Νομικῆς Σχολῆς τοῦ Ἐθνικοῦ ἢ ἄλλου ὁμοταγοῦς Πανεπιστημίου καὶ ἐπὶ δεκαετίαν τουλάχιστον εὐδοκίμως ὑπηρετήσας.

β) Ὁ διατελέσας τμηματάρχης παρὰ τῷ ὑπουργείῳ τῶν Οἰκονομικῶν ἐπὶ τέσσαρα ἔτη.

γ) Ὁ διατελέσας ἐπὶ τετραετίαν οἰκονομικὸς ἐπιθεωρητής, ἂν τὰ ὅλα ἔτη ὑπηρεσίας του ἀνέρχονται εἰς δεκαπέντε.

δ) Ὁ ἔχων τὰ προσόντα τοῦ παρέδρου ἐπὶ τριετίαν τουλάχιστον.

Η ΕΙΣΠΡΑΞΙΣ ΤΩΝ ΦΟΡΩΝ

5) Περὶ τροποποιήσεως διατάξεών τινων τῶν νόμων περὶ εἰσπράξεως τῶν δημοσίων ἐσόδων.

Δι' αὐτοῦ ὁ φόρος τῶν ἀμπέλων εἰσπράττεται τὴν 1ην Ὀκτωβρίου ἐὰν ὑπερβαίνῃ τὰς 50 δραχ., ἐν δὲ ἀνέρχωνται πέραν τῶν 300 εἰς δόσεις τὴν 15ην Ὀκτωβρίου καὶ 15 Νοεμβρίου ἐὰν ὑπερβαίνῃ τὰς 360, τὴν 15ην Ὀκτωβρίου, τὴν 15ην Νοεμβρίου.
